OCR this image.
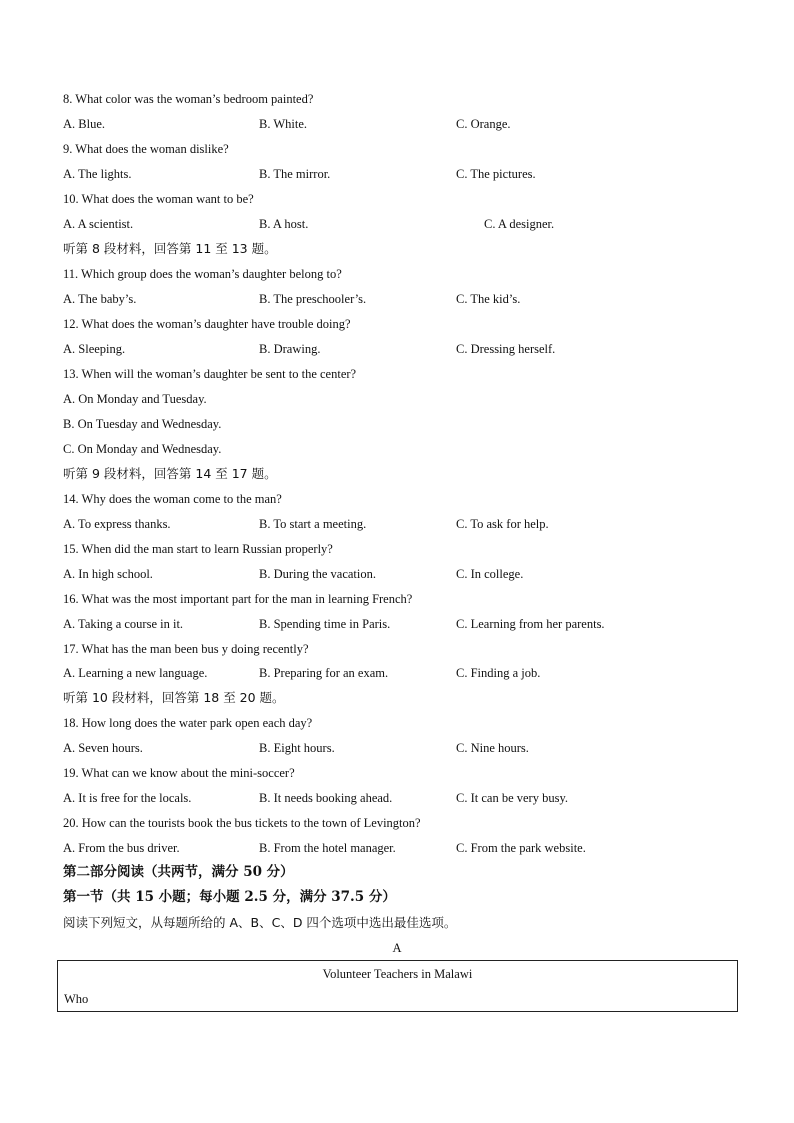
8. What color was the woman’s bedroom painted?
A. Blue.	B. White.	C. Orange.
9. What does the woman dislike?
A. The lights.	B. The mirror.	C. The pictures.
10. What does the woman want to be?
A. A scientist.	B. A host.	C. A designer.
听第 8 段材料，回答第 11 至 13 题。
11. Which group does the woman’s daughter belong to?
A. The baby’s.	B. The preschooler’s.	C. The kid’s.
12. What does the woman’s daughter have trouble doing?
A. Sleeping.	B. Drawing.	C. Dressing herself.
13. When will the woman’s daughter be sent to the center?
A. On Monday and Tuesday.
B. On Tuesday and Wednesday.
C. On Monday and Wednesday.
听第 9 段材料，回答第 14 至 17 题。
14. Why does the woman come to the man?
A. To express thanks.	B. To start a meeting.	C. To ask for help.
15. When did the man start to learn Russian properly?
A. In high school.	B. During the vacation.	C. In college.
16. What was the most important part for the man in learning French?
A. Taking a course in it.	B. Spending time in Paris.	C. Learning from her parents.
17. What has the man been bus y doing recently?
A. Learning a new language.	B. Preparing for an exam.	C. Finding a job.
听第 10 段材料，回答第 18 至 20 题。
18. How long does the water park open each day?
A. Seven hours.	B. Eight hours.	C. Nine hours.
19. What can we know about the mini-soccer?
A. It is free for the locals.	B. It needs booking ahead.	C. It can be very busy.
20. How can the tourists book the bus tickets to the town of Levington?
A. From the bus driver.	B. From the hotel manager.	C. From the park website.
第二部分阅读（共两节，满分 50 分）
第一节（共 15 小题；每小题 2.5 分，满分 37.5 分）
阅读下列短文，从每题所给的 A、B、C、D 四个选项中选出最佳选项。
A
Volunteer Teachers in Malawi
Who
